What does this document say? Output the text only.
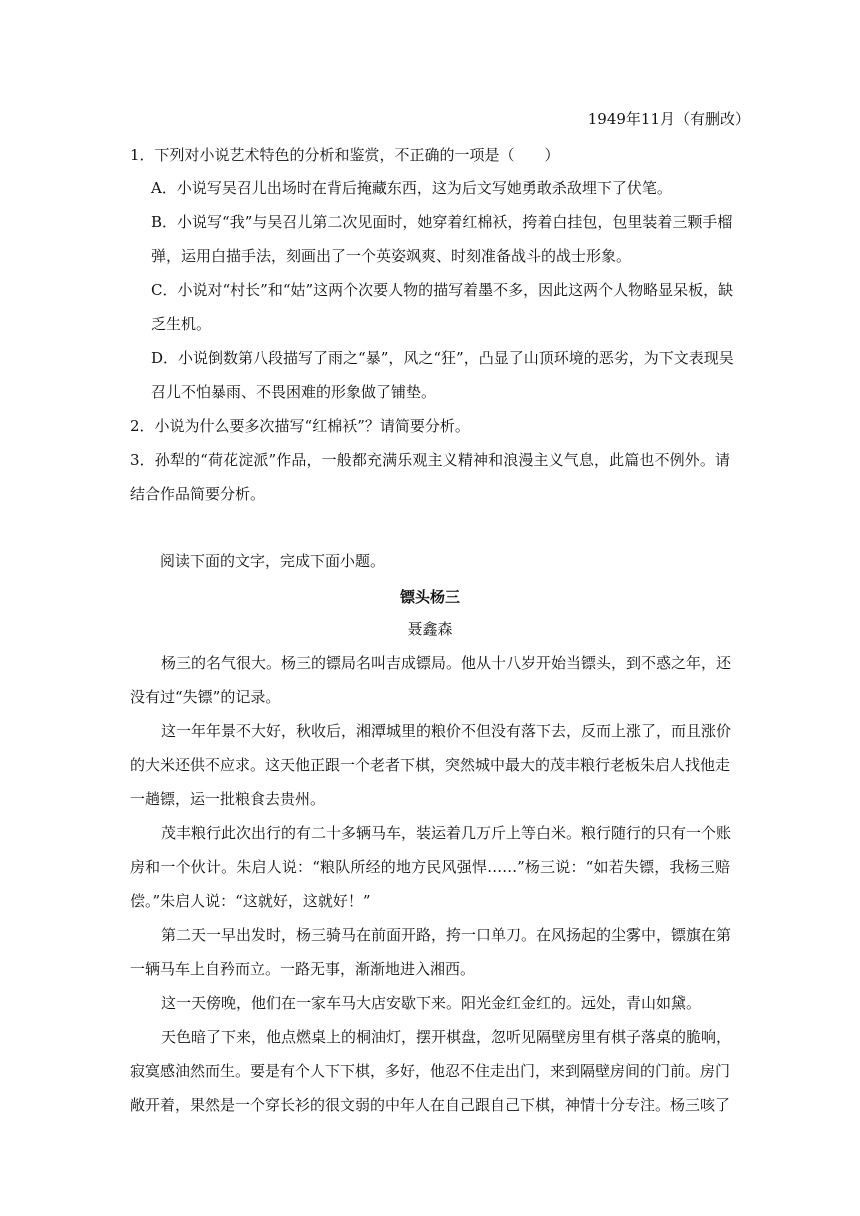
1949年11月（有删改）
1．下列对小说艺术特色的分析和鉴赏，不正确的一项是（　　）
A．小说写吴召儿出场时在背后掩藏东西，这为后文写她勇敢杀敌埋下了伏笔。
B．小说写“我”与吴召儿第二次见面时，她穿着红棉袄，挎着白挂包，包里装着三颗手榴
弹，运用白描手法，刻画出了一个英姿飒爽、时刻准备战斗的战士形象。
C．小说对“村长”和“姑”这两个次要人物的描写着墨不多，因此这两个人物略显呆板，缺
乏生机。
D．小说倒数第八段描写了雨之“暴”，风之“狂”，凸显了山顶环境的恶劣，为下文表现吴
召儿不怕暴雨、不畏困难的形象做了铺垫。
2．小说为什么要多次描写“红棉袄”？请简要分析。
3．孙犁的“荷花淀派”作品，一般都充满乐观主义精神和浪漫主义气息，此篇也不例外。请
结合作品简要分析。
阅读下面的文字，完成下面小题。
镖头杨三
聂鑫森
杨三的名气很大。杨三的镖局名叫吉成镖局。他从十八岁开始当镖头，到不惑之年，还
没有过“失镖”的记录。
这一年年景不大好，秋收后，湘潭城里的粮价不但没有落下去，反而上涨了，而且涨价
的大米还供不应求。这天他正跟一个老者下棋，突然城中最大的茂丰粮行老板朱启人找他走
一趟镖，运一批粮食去贵州。
茂丰粮行此次出行的有二十多辆马车，装运着几万斤上等白米。粮行随行的只有一个账
房和一个伙计。朱启人说：“粮队所经的地方民风强悍……”杨三说：“如若失镖，我杨三赔
偿。”朱启人说：“这就好，这就好！”
第二天一早出发时，杨三骑马在前面开路，挎一口单刀。在风扬起的尘雾中，镖旗在第
一辆马车上自矜而立。一路无事，渐渐地进入湘西。
这一天傍晚，他们在一家车马大店安歇下来。阳光金红金红的。远处，青山如黛。
天色暗了下来，他点燃桌上的桐油灯，摆开棋盘，忽听见隔壁房里有棋子落桌的脆响，
寂寞感油然而生。要是有个人下下棋，多好，他忍不住走出门，来到隔壁房间的门前。房门
敞开着，果然是一个穿长衫的很文弱的中年人在自己跟自己下棋，神情十分专注。杨三咳了
